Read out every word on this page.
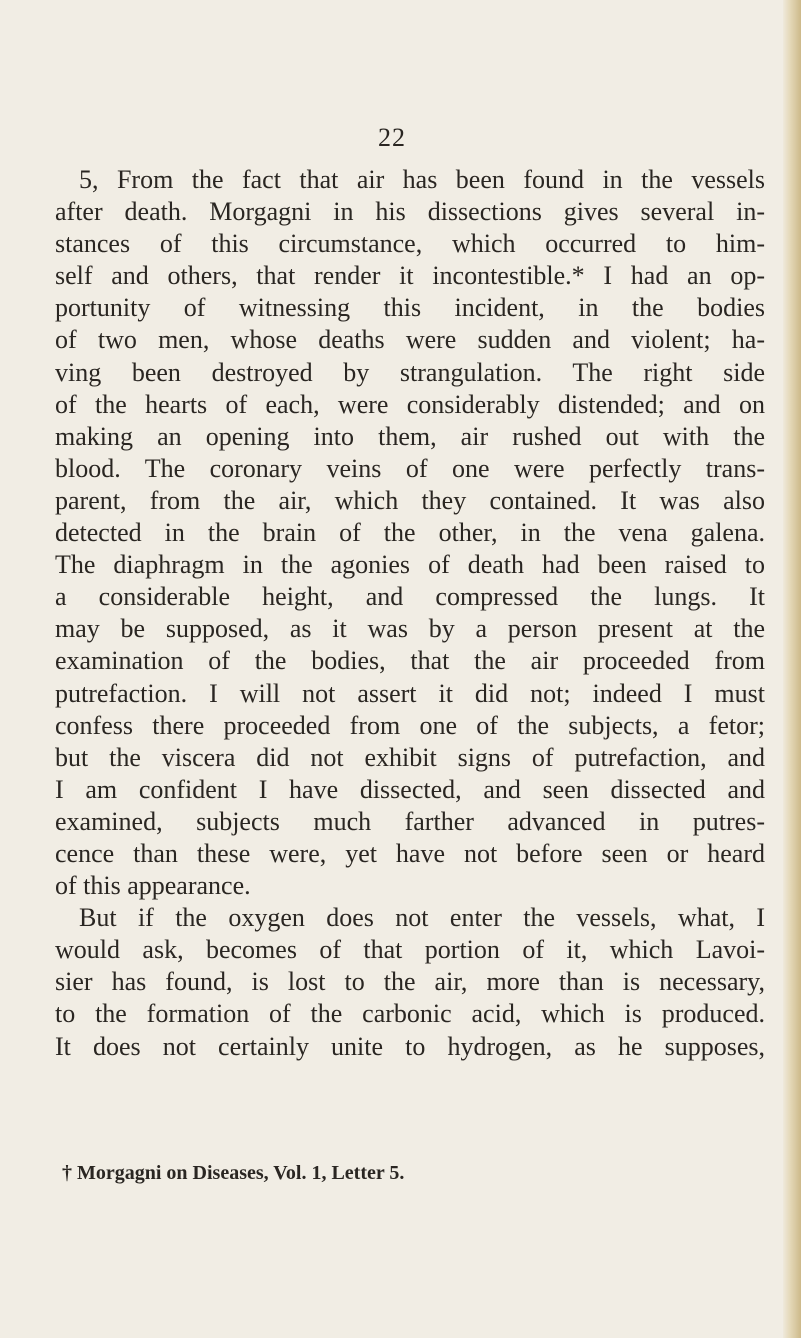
22
5, From the fact that air has been found in the vessels
after death. Morgagni in his dissections gives several in-
stances of this circumstance, which occurred to him-
self and others, that render it incontestible.* I had an op-
portunity of witnessing this incident, in the bodies
of two men, whose deaths were sudden and violent; ha-
ving been destroyed by strangulation. The right side
of the hearts of each, were considerably distended; and on
making an opening into them, air rushed out with the
blood. The coronary veins of one were perfectly trans-
parent, from the air, which they contained. It was also
detected in the brain of the other, in the vena galena.
The diaphragm in the agonies of death had been raised to
a considerable height, and compressed the lungs. It
may be supposed, as it was by a person present at the
examination of the bodies, that the air proceeded from
putrefaction. I will not assert it did not; indeed I must
confess there proceeded from one of the subjects, a fetor;
but the viscera did not exhibit signs of putrefaction, and
I am confident I have dissected, and seen dissected and
examined, subjects much farther advanced in putres-
cence than these were, yet have not before seen or heard
of this appearance.
But if the oxygen does not enter the vessels, what, I
would ask, becomes of that portion of it, which Lavoi-
sier has found, is lost to the air, more than is necessary,
to the formation of the carbonic acid, which is produced.
It does not certainly unite to hydrogen, as he supposes,
† Morgagni on Diseases, Vol. 1, Letter 5.
